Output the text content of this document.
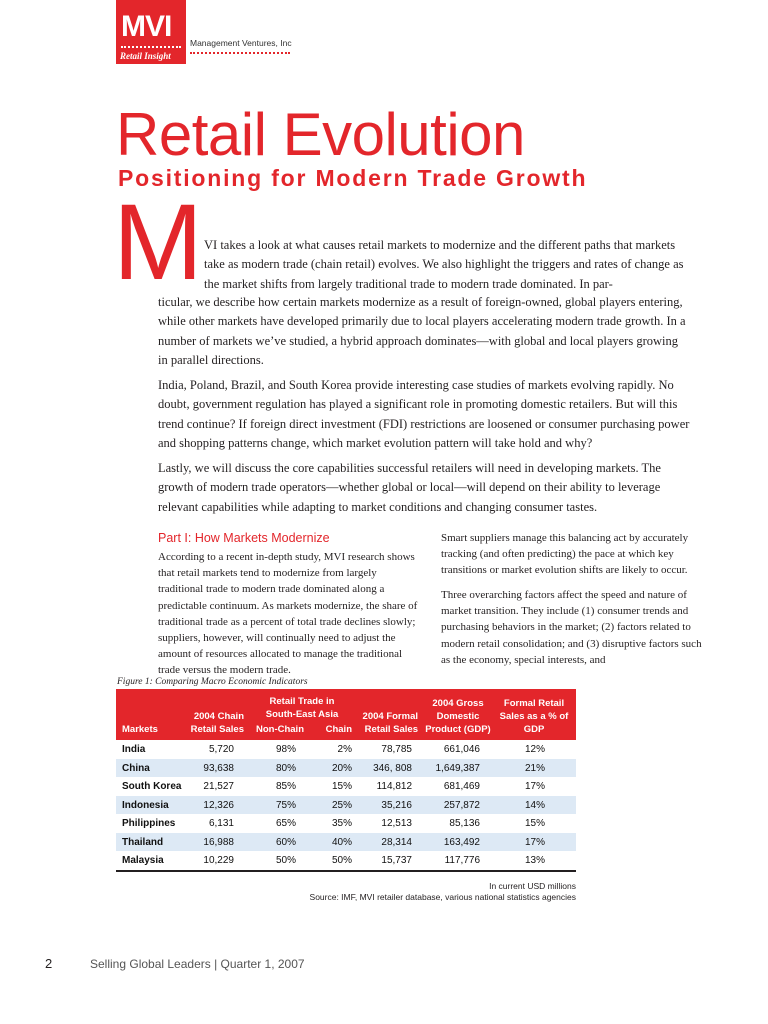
MVI
Retail Insight
Management Ventures, Inc
Retail Evolution
Positioning for Modern Trade Growth
M VI takes a look at what causes retail markets to modernize and the different paths that markets take as modern trade (chain retail) evolves. We also highlight the triggers and rates of change as the market shifts from largely traditional trade to modern trade dominated. In par-

ticular, we describe how certain markets modernize as a result of foreign-owned, global players entering, while other markets have developed primarily due to local players accelerating modern trade growth. In a number of markets we’ve studied, a hybrid approach dominates—with global and local players growing in parallel directions.

India, Poland, Brazil, and South Korea provide interesting case studies of markets evolving rapidly. No doubt, government regulation has played a significant role in promoting domestic retailers. But will this trend continue? If foreign direct investment (FDI) restrictions are loosened or consumer purchasing power and shopping patterns change, which market evolution pattern will take hold and why?

Lastly, we will discuss the core capabilities successful retailers will need in developing markets. The growth of modern trade operators—whether global or local—will depend on their ability to leverage relevant capabilities while adapting to market conditions and changing consumer tastes.

Part I: How Markets Modernize

According to a recent in-depth study, MVI research shows that retail markets tend to modernize from largely traditional trade to modern trade dominated along a predictable continuum. As markets modernize, the share of traditional trade as a percent of total trade declines slowly; suppliers, however, will continually need to adjust the amount of resources allocated to manage the traditional trade versus the modern trade.

Smart suppliers manage this balancing act by accurately tracking (and often predicting) the pace at which key transitions or market evolution shifts are likely to occur.

Three overarching factors affect the speed and nature of market transition. They include (1) consumer trends and purchasing behaviors in the market; (2) factors related to modern retail consolidation; and (3) disruptive factors such as the economy, special interests, and

Figure 1: Comparing Macro Economic Indicators
Markets
2004 Chain Retail Sales
Retail Trade in South-East Asia
Non-Chain	Chain
2004 Formal Retail Sales
2004 Gross Domestic Product (GDP)
Formal Retail Sales as a % of GDP
India	5,720	98%	2%	78,785	661,046	12%
China	93,638	80%	20%	346, 808	1,649,387	21%
South Korea	21,527	85%	15%	114,812	681,469	17%
Indonesia	12,326	75%	25%	35,216	257,872	14%
Philippines	6,131	65%	35%	12,513	85,136	15%
Thailand	16,988	60%	40%	28,314	163,492	17%
Malaysia	10,229	50%	50%	15,737	117,776	13%
In current USD millions
Source: IMF, MVI retailer database, various national statistics agencies
2	Selling Global Leaders | Quarter 1, 2007
